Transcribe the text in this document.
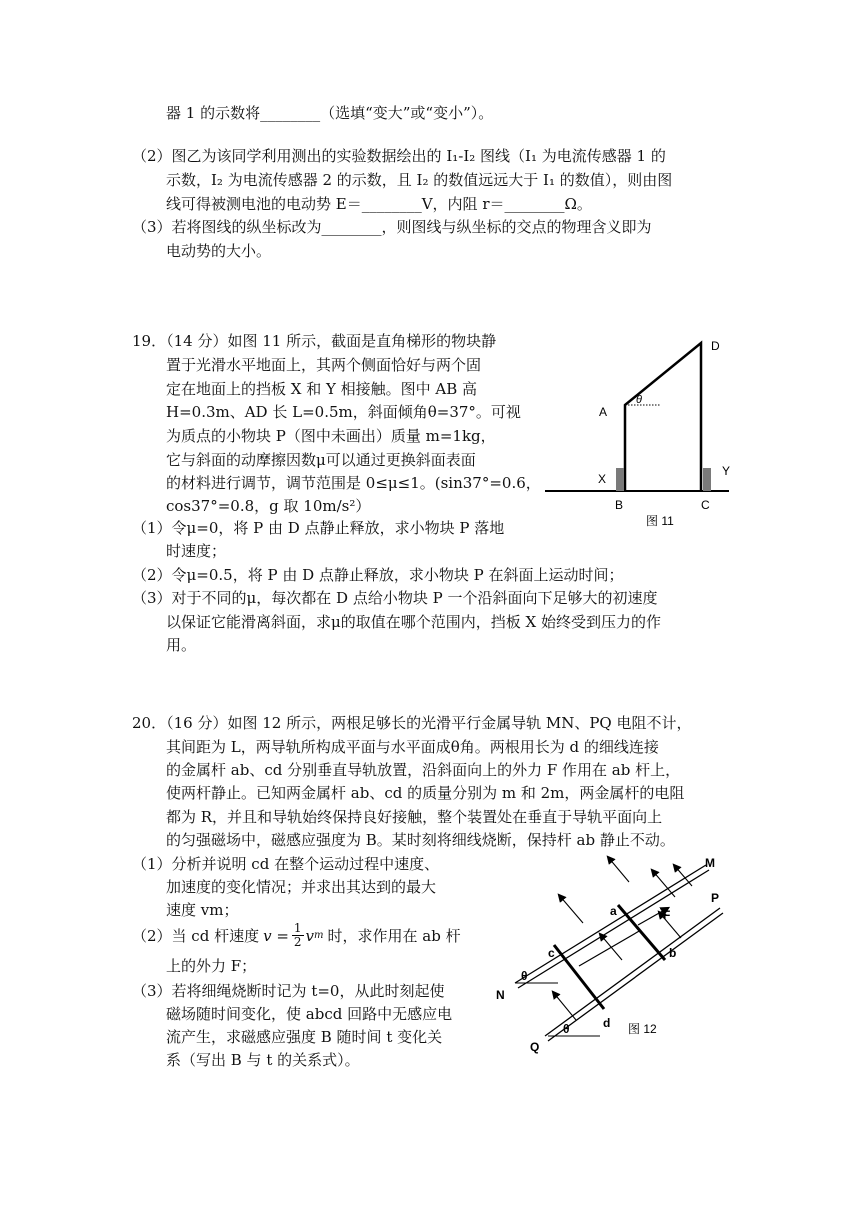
器 1 的示数将________（选填“变大”或“变小”）。
（2）图乙为该同学利用测出的实验数据绘出的 I₁-I₂ 图线（I₁ 为电流传感器 1 的
示数，I₂ 为电流传感器 2 的示数，且 I₂ 的数值远远大于 I₁ 的数值），则由图
线可得被测电池的电动势 E＝________V，内阻 r＝________Ω。
（3）若将图线的纵坐标改为________，则图线与纵坐标的交点的物理含义即为
电动势的大小。
19．（14 分）如图 11 所示，截面是直角梯形的物块静
置于光滑水平地面上，其两个侧面恰好与两个固
定在地面上的挡板 X 和 Y 相接触。图中 AB 高
H=0.3m、AD 长 L=0.5m，斜面倾角θ=37°。可视
为质点的小物块 P（图中未画出）质量 m=1kg，
它与斜面的动摩擦因数μ可以通过更换斜面表面
的材料进行调节，调节范围是 0≤μ≤1。(sin37°=0.6，
cos37°=0.8，g 取 10m/s²）
（1）令μ=0，将 P 由 D 点静止释放，求小物块 P 落地
时速度；
（2）令μ=0.5，将 P 由 D 点静止释放，求小物块 P 在斜面上运动时间；
（3）对于不同的μ，每次都在 D 点给小物块 P 一个沿斜面向下足够大的初速度
以保证它能滑离斜面，求μ的取值在哪个范围内，挡板 X 始终受到压力的作
用。
D
A
θ
X
Y
B	C
图 11
20．（16 分）如图 12 所示，两根足够长的光滑平行金属导轨 MN、PQ 电阻不计，
其间距为 L，两导轨所构成平面与水平面成θ角。两根用长为 d 的细线连接
的金属杆 ab、cd 分别垂直导轨放置，沿斜面向上的外力 F 作用在 ab 杆上，
使两杆静止。已知两金属杆 ab、cd 的质量分别为 m 和 2m，两金属杆的电阻
都为 R，并且和导轨始终保持良好接触，整个装置处在垂直于导轨平面向上
的匀强磁场中，磁感应强度为 B。某时刻将细线烧断，保持杆 ab 静止不动。
（1）分析并说明 cd 在整个运动过程中速度、
加速度的变化情况；并求出其达到的最大
速度 vm；
（2）当 cd 杆速度 $v = \frac{1}{2}$ v m 时，求作用在 ab 杆
上的外力 F；
（3）若将细绳烧断时记为 t=0，从此时刻起使
磁场随时间变化，使 abcd 回路中无感应电
流产生，求磁感应强度 B 随时间 t 变化关
系（写出 B 与 t 的关系式）。
M
P
N
Q
a
b
c
d
F
θ
θ	图 12
